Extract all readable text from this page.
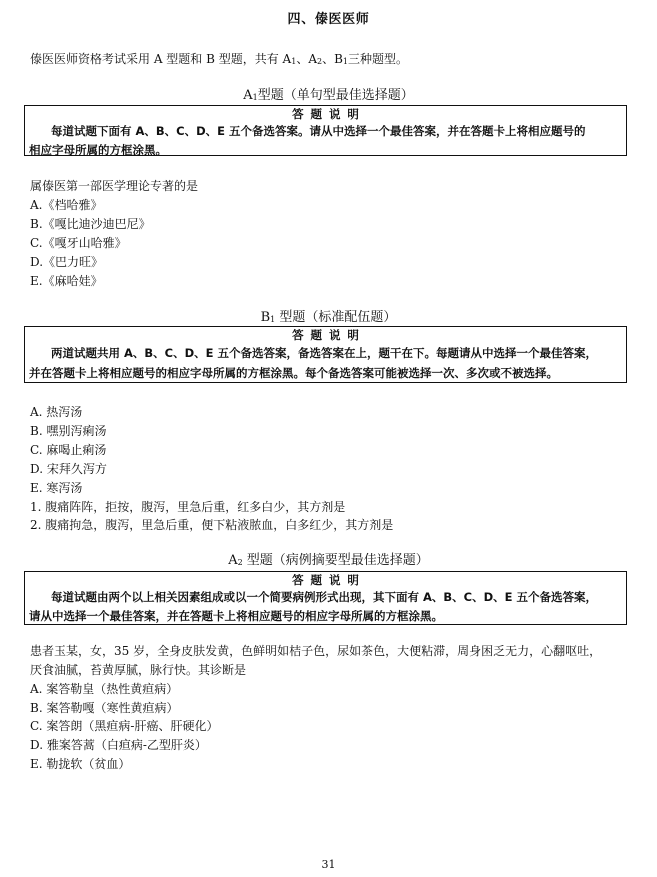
四、傣医医师
傣医医师资格考试采用 A 型题和 B 型题，共有 $A_1$、$A_2$、$B_1$三种题型。
$A_1$型题（单句型最佳选择题）
答题说明
每道试题下面有 A、B、C、D、E 五个备选答案。请从中选择一个最佳答案，并在答题卡上将相应题号的
相应字母所属的方框涂黑。
属傣医第一部医学理论专著的是
A.《档哈雅》
B.《嘎比迪沙迪巴尼》
C.《嘎牙山哈雅》
D.《巴力旺》
E.《麻哈娃》
$B_1$ 型题（标准配伍题）
答题说明
两道试题共用 A、B、C、D、E 五个备选答案，备选答案在上，题干在下。每题请从中选择一个最佳答案，
并在答题卡上将相应题号的相应字母所属的方框涂黑。每个备选答案可能被选择一次、多次或不被选择。
A. 热泻汤
B. 嘿别泻痢汤
C. 麻喝止痢汤
D. 宋拜久泻方
E. 寒泻汤
1. 腹痛阵阵，拒按，腹泻，里急后重，红多白少，其方剂是
2. 腹痛拘急，腹泻，里急后重，便下粘液脓血，白多红少，其方剂是
$A_2$ 型题（病例摘要型最佳选择题）
答题说明
每道试题由两个以上相关因素组成或以一个简要病例形式出现，其下面有 A、B、C、D、E 五个备选答案，
请从中选择一个最佳答案，并在答题卡上将相应题号的相应字母所属的方框涂黑。
患者玉某，女，35 岁，全身皮肤发黄，色鲜明如桔子色，尿如茶色，大便粘滞，周身困乏无力，心翻呕吐，
厌食油腻，苔黄厚腻，脉行快。其诊断是
A. 案答勒皇（热性黄疸病）
B. 案答勒嘎（寒性黄疸病）
C. 案答朗（黑疸病-肝癌、肝硬化）
D. 雅案答蒿（白疸病-乙型肝炎）
E. 勒拢软（贫血）
31
